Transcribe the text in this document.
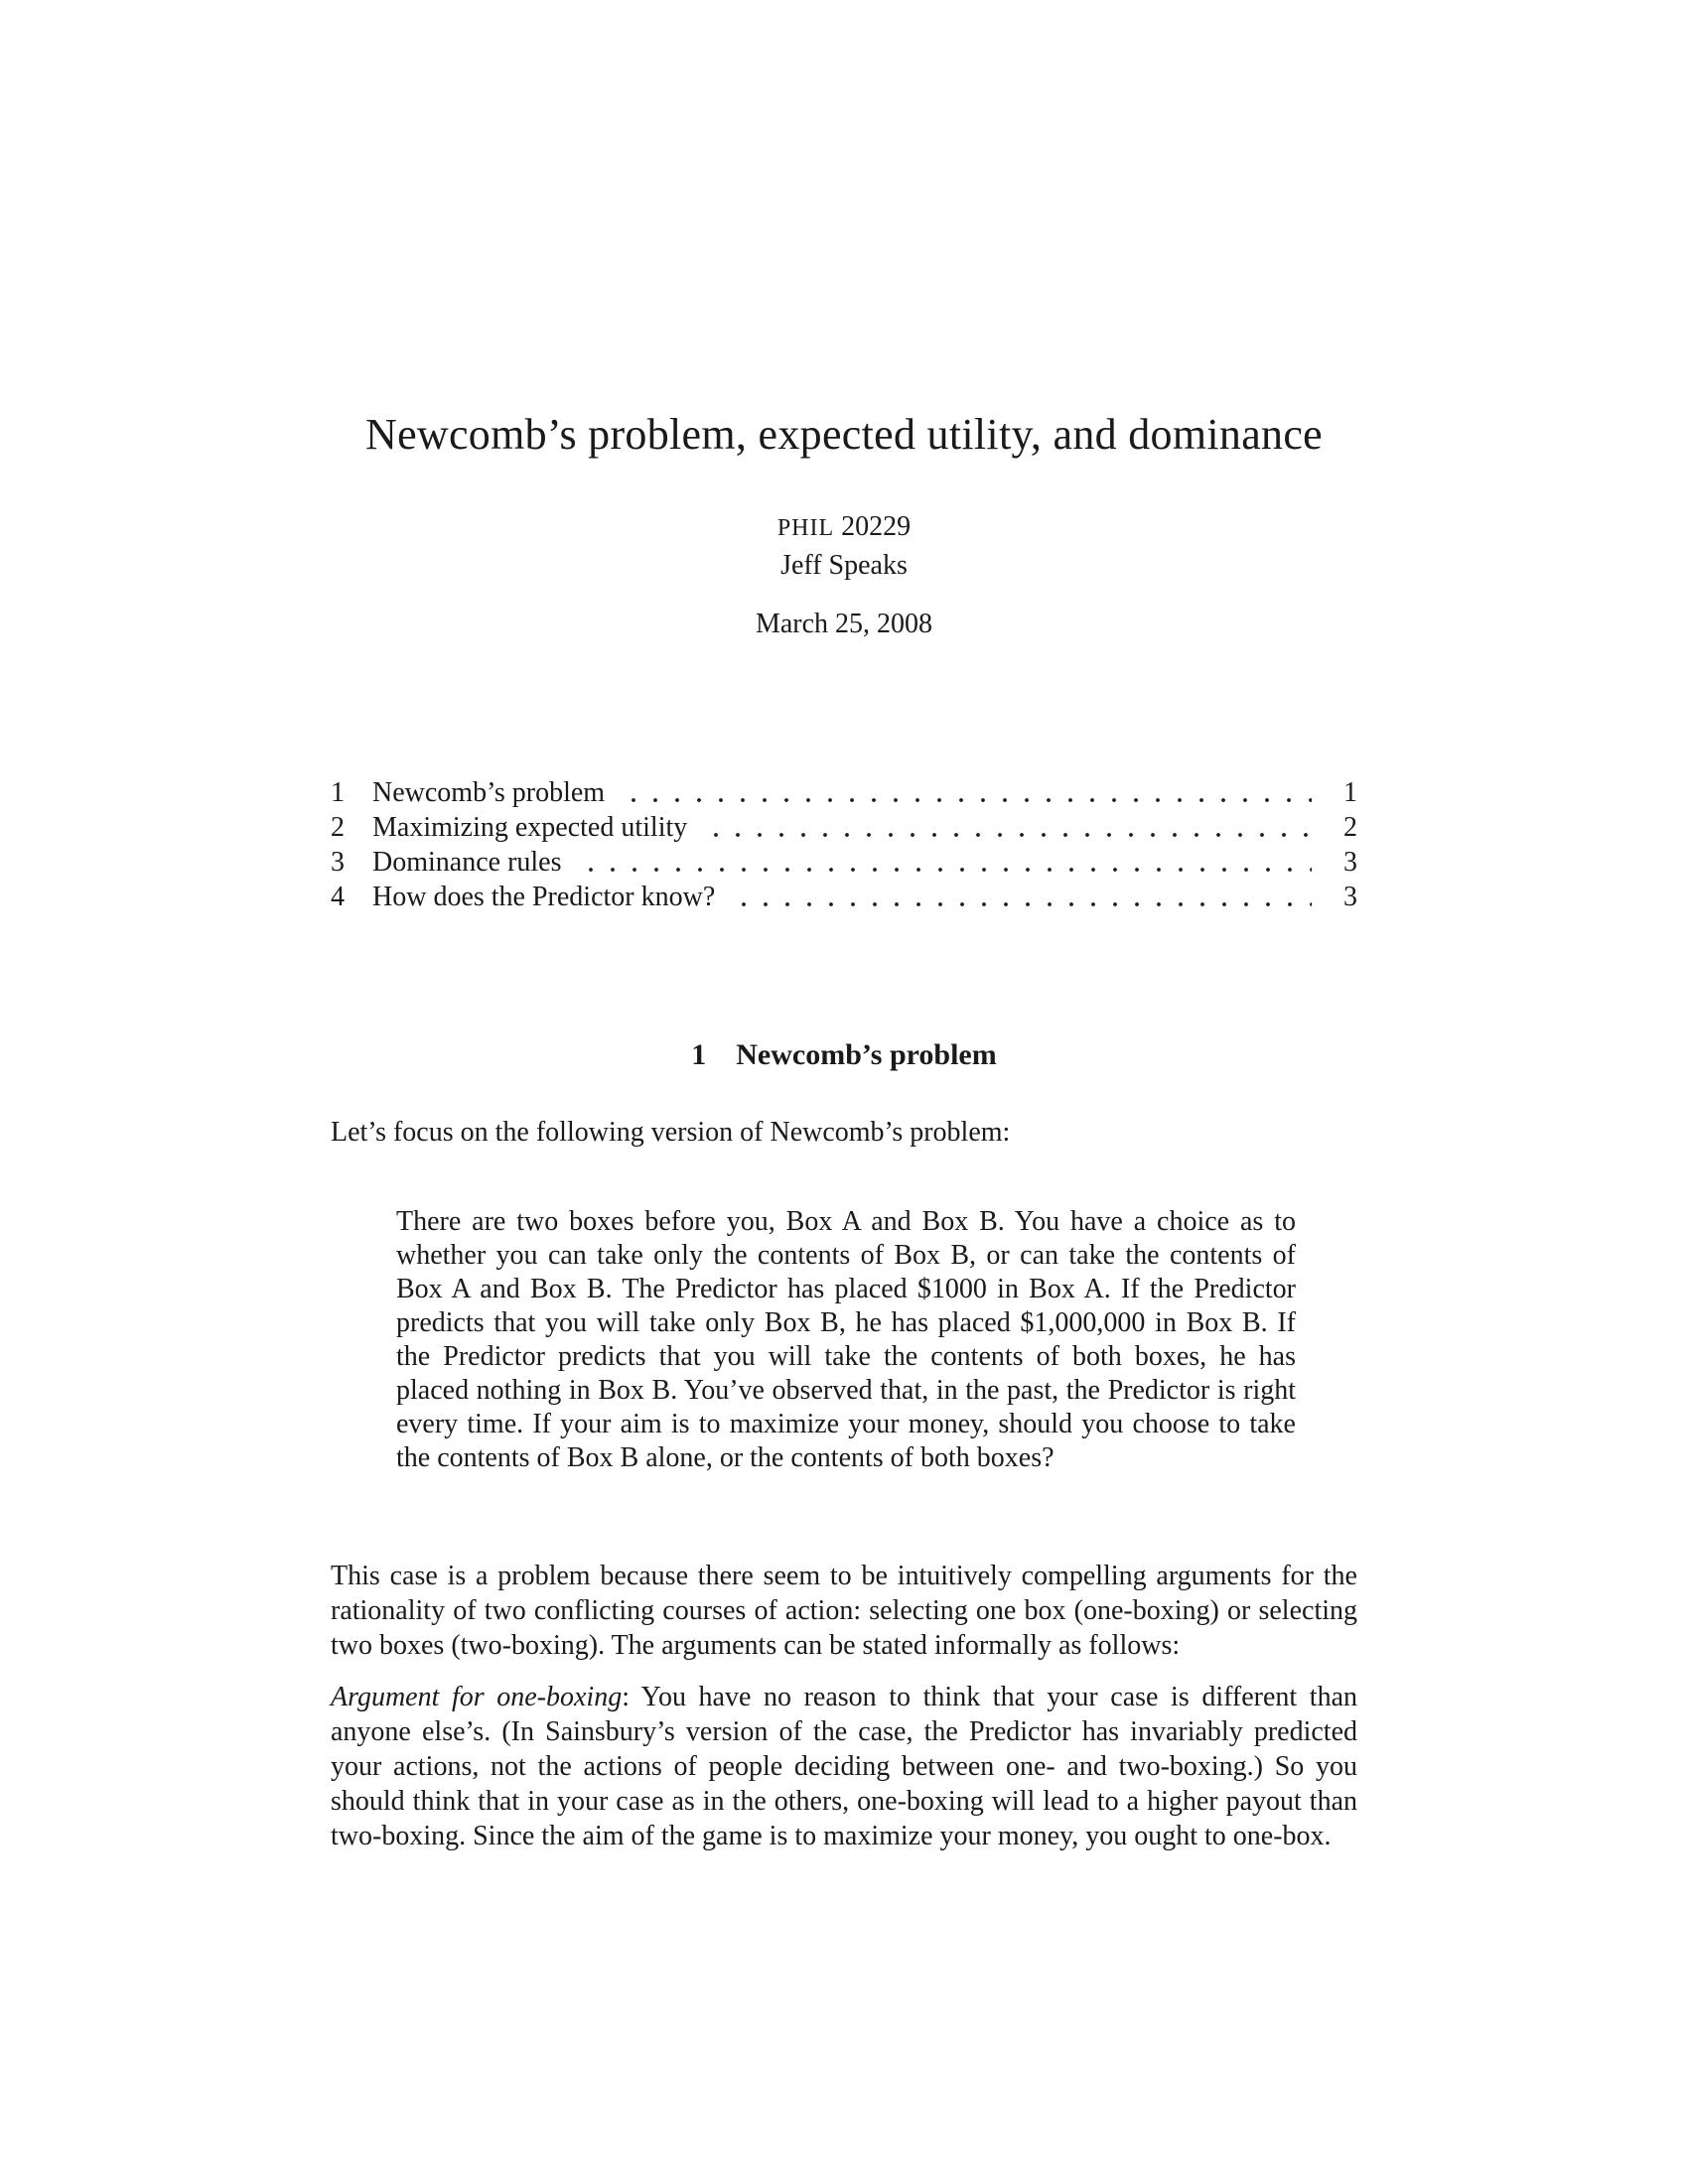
Newcomb’s problem, expected utility, and dominance
PHIL 20229
Jeff Speaks
March 25, 2008
1	Newcomb’s problem	1
2	Maximizing expected utility	2
3	Dominance rules	3
4	How does the Predictor know?	3
1 Newcomb’s problem

Let’s focus on the following version of Newcomb’s problem:

There are two boxes before you, Box A and Box B. You have a choice as to whether you can take only the contents of Box B, or can take the contents of Box A and Box B. The Predictor has placed $1000 in Box A. If the Predictor predicts that you will take only Box B, he has placed $1,000,000 in Box B. If the Predictor predicts that you will take the contents of both boxes, he has placed nothing in Box B. You’ve observed that, in the past, the Predictor is right every time. If your aim is to maximize your money, should you choose to take the contents of Box B alone, or the contents of both boxes?

This case is a problem because there seem to be intuitively compelling arguments for the rationality of two conflicting courses of action: selecting one box (one-boxing) or selecting two boxes (two-boxing). The arguments can be stated informally as follows:

Argument for one-boxing: You have no reason to think that your case is different than anyone else’s. (In Sainsbury’s version of the case, the Predictor has invariably predicted your actions, not the actions of people deciding between one- and two-boxing.) So you should think that in your case as in the others, one-boxing will lead to a higher payout than two-boxing. Since the aim of the game is to maximize your money, you ought to one-box.
